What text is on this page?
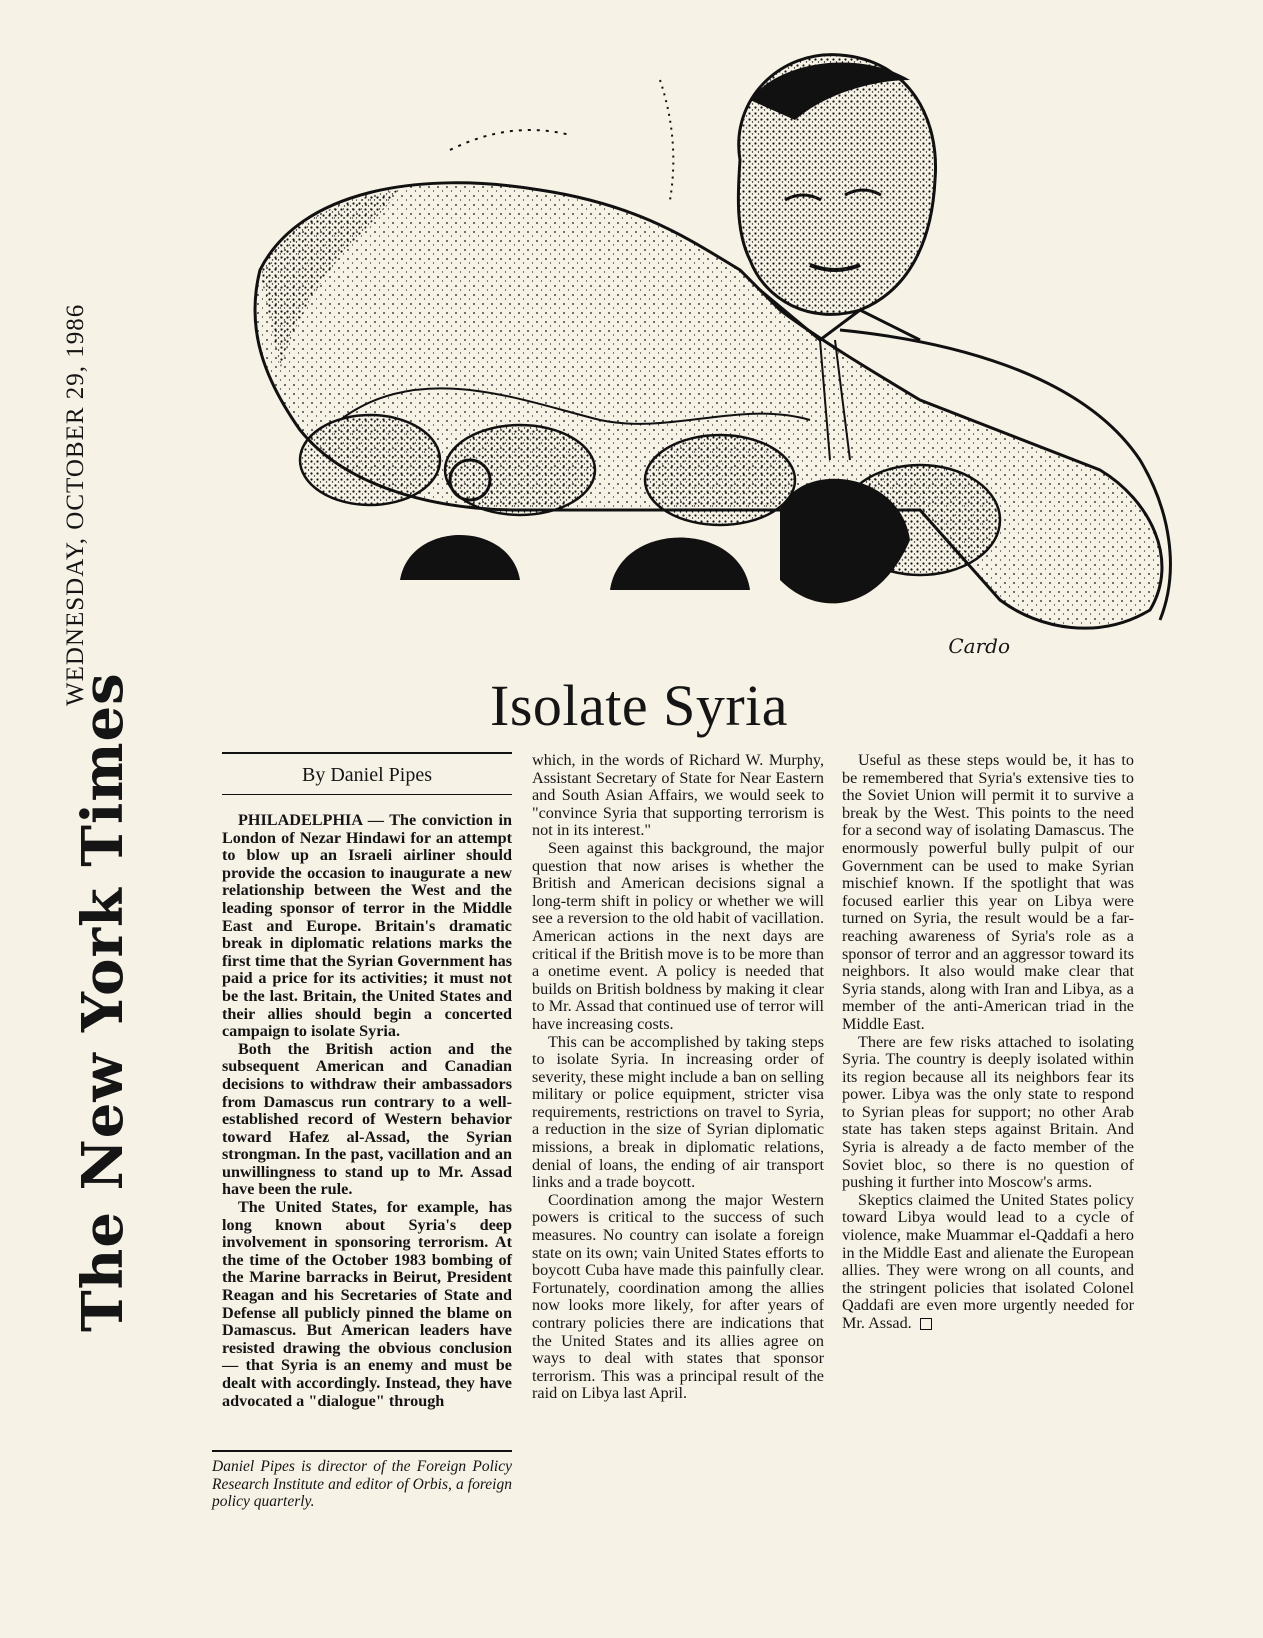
WEDNESDAY, OCTOBER 29, 1986
The New York Times
Cardo
Isolate Syria
By Daniel Pipes

PHILADELPHIA — The conviction in London of Nezar Hindawi for an attempt to blow up an Israeli airliner should provide the occasion to inaugurate a new relationship between the West and the leading sponsor of terror in the Middle East and Europe. Britain's dramatic break in diplomatic relations marks the first time that the Syrian Government has paid a price for its activities; it must not be the last. Britain, the United States and their allies should begin a concerted campaign to isolate Syria.

Both the British action and the subsequent American and Canadian decisions to withdraw their ambassadors from Damascus run contrary to a well-established record of Western behavior toward Hafez al-Assad, the Syrian strongman. In the past, vacillation and an unwillingness to stand up to Mr. Assad have been the rule.

The United States, for example, has long known about Syria's deep involvement in sponsoring terrorism. At the time of the October 1983 bombing of the Marine barracks in Beirut, President Reagan and his Secretaries of State and Defense all publicly pinned the blame on Damascus. But American leaders have resisted drawing the obvious conclusion — that Syria is an enemy and must be dealt with accordingly. Instead, they have advocated a "dialogue" through

Daniel Pipes is director of the Foreign Policy Research Institute and editor of Orbis, a foreign policy quarterly.

which, in the words of Richard W. Murphy, Assistant Secretary of State for Near Eastern and South Asian Affairs, we would seek to "convince Syria that supporting terrorism is not in its interest."

Seen against this background, the major question that now arises is whether the British and American decisions signal a long-term shift in policy or whether we will see a reversion to the old habit of vacillation. American actions in the next days are critical if the British move is to be more than a onetime event. A policy is needed that builds on British boldness by making it clear to Mr. Assad that continued use of terror will have increasing costs.

This can be accomplished by taking steps to isolate Syria. In increasing order of severity, these might include a ban on selling military or police equipment, stricter visa requirements, restrictions on travel to Syria, a reduction in the size of Syrian diplomatic missions, a break in diplomatic relations, denial of loans, the ending of air transport links and a trade boycott.

Coordination among the major Western powers is critical to the success of such measures. No country can isolate a foreign state on its own; vain United States efforts to boycott Cuba have made this painfully clear. Fortunately, coordination among the allies now looks more likely, for after years of contrary policies there are indications that the United States and its allies agree on ways to deal with states that sponsor terrorism. This was a principal result of the raid on Libya last April.

Useful as these steps would be, it has to be remembered that Syria's extensive ties to the Soviet Union will permit it to survive a break by the West. This points to the need for a second way of isolating Damascus. The enormously powerful bully pulpit of our Government can be used to make Syrian mischief known. If the spotlight that was focused earlier this year on Libya were turned on Syria, the result would be a far-reaching awareness of Syria's role as a sponsor of terror and an aggressor toward its neighbors. It also would make clear that Syria stands, along with Iran and Libya, as a member of the anti-American triad in the Middle East.

There are few risks attached to isolating Syria. The country is deeply isolated within its region because all its neighbors fear its power. Libya was the only state to respond to Syrian pleas for support; no other Arab state has taken steps against Britain. And Syria is already a de facto member of the Soviet bloc, so there is no question of pushing it further into Moscow's arms.

Skeptics claimed the United States policy toward Libya would lead to a cycle of violence, make Muammar el-Qaddafi a hero in the Middle East and alienate the European allies. They were wrong on all counts, and the stringent policies that isolated Colonel Qaddafi are even more urgently needed for Mr. Assad.
